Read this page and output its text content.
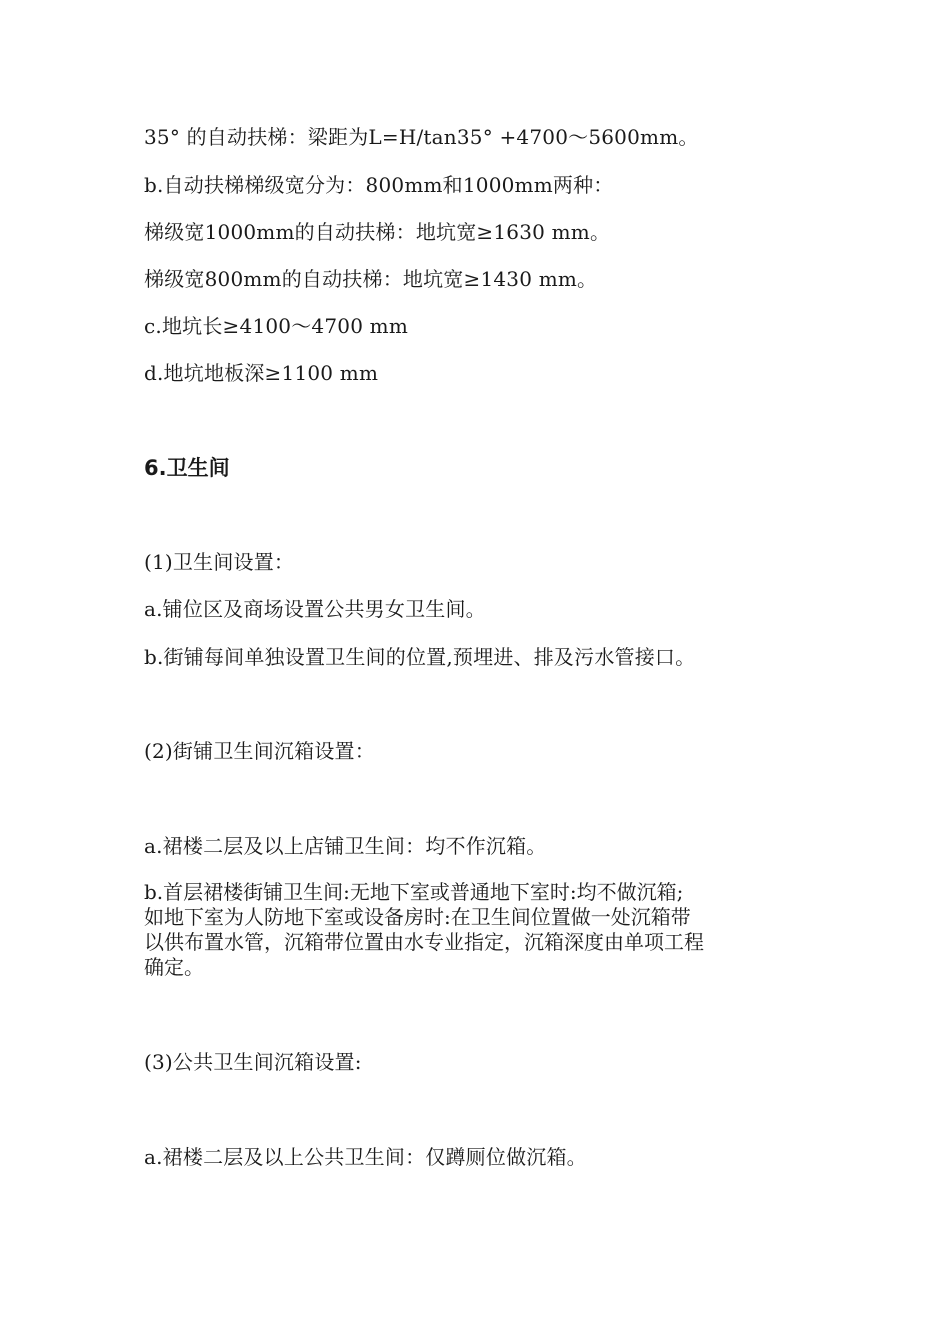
35° 的自动扶梯：梁距为L=H/tan35° +4700～5600mm。
b.自动扶梯梯级宽分为：800mm和1000mm两种：
梯级宽1000mm的自动扶梯：地坑宽≥1630 mm。
梯级宽800mm的自动扶梯：地坑宽≥1430 mm。
c.地坑长≥4100～4700 mm
d.地坑地板深≥1100 mm
6.卫生间
(1)卫生间设置：
a.铺位区及商场设置公共男女卫生间。
b.街铺每间单独设置卫生间的位置,预埋进、排及污水管接口。
(2)街铺卫生间沉箱设置：
a.裙楼二层及以上店铺卫生间：均不作沉箱。
b.首层裙楼街铺卫生间:无地下室或普通地下室时:均不做沉箱;
如地下室为人防地下室或设备房时:在卫生间位置做一处沉箱带
以供布置水管，沉箱带位置由水专业指定，沉箱深度由单项工程
确定。
(3)公共卫生间沉箱设置:
a.裙楼二层及以上公共卫生间：仅蹲厕位做沉箱。
